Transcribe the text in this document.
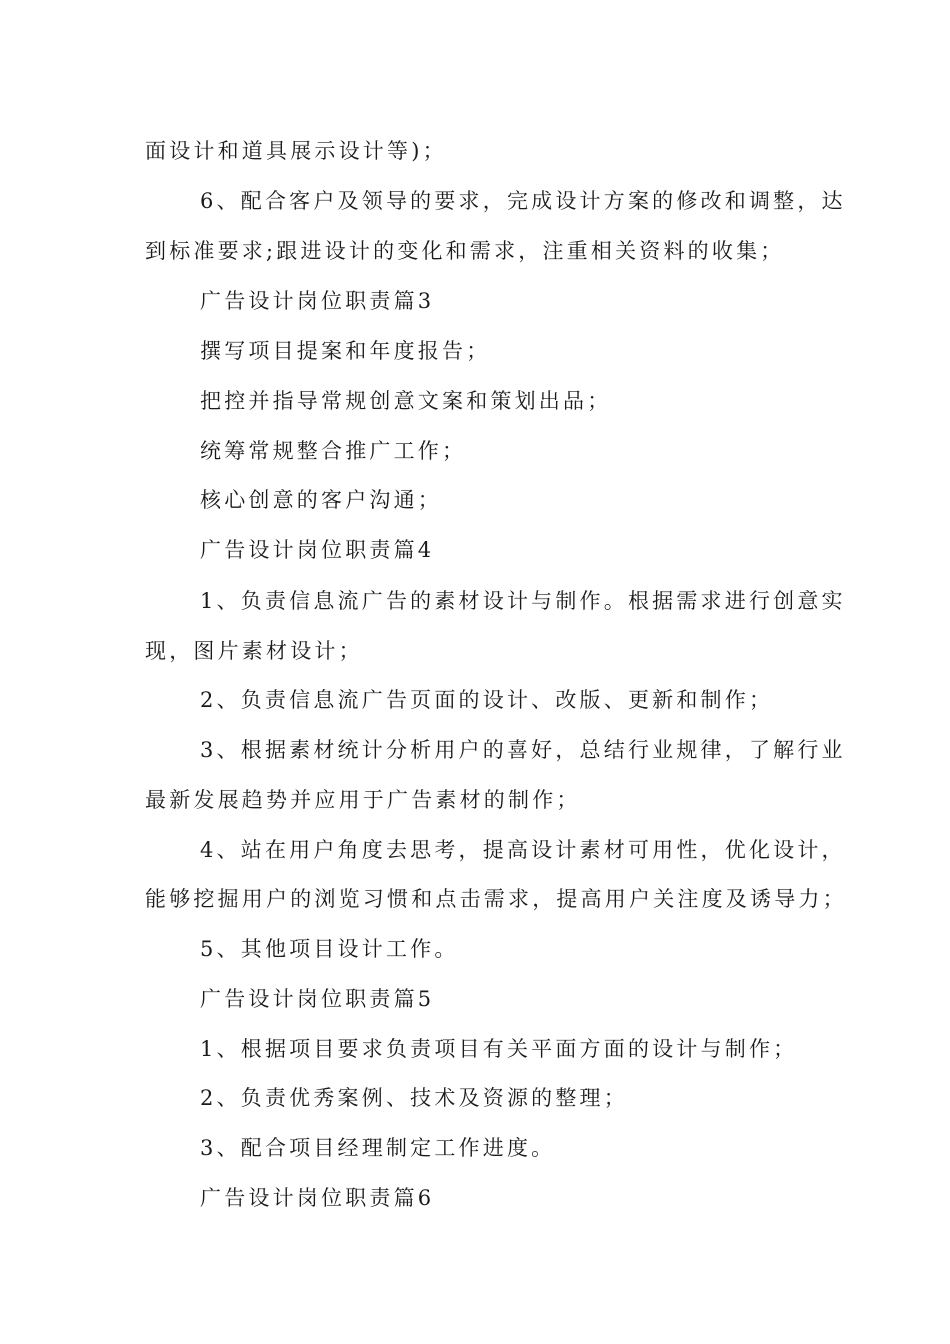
面设计和道具展示设计等)；
6、配合客户及领导的要求，完成设计方案的修改和调整，达
到标准要求;跟进设计的变化和需求，注重相关资料的收集；
广告设计岗位职责篇3
撰写项目提案和年度报告；
把控并指导常规创意文案和策划出品；
统筹常规整合推广工作；
核心创意的客户沟通；
广告设计岗位职责篇4
1、负责信息流广告的素材设计与制作。根据需求进行创意实
现，图片素材设计；
2、负责信息流广告页面的设计、改版、更新和制作；
3、根据素材统计分析用户的喜好，总结行业规律，了解行业
最新发展趋势并应用于广告素材的制作；
4、站在用户角度去思考，提高设计素材可用性，优化设计，
能够挖掘用户的浏览习惯和点击需求，提高用户关注度及诱导力；
5、其他项目设计工作。
广告设计岗位职责篇5
1、根据项目要求负责项目有关平面方面的设计与制作；
2、负责优秀案例、技术及资源的整理；
3、配合项目经理制定工作进度。
广告设计岗位职责篇6
